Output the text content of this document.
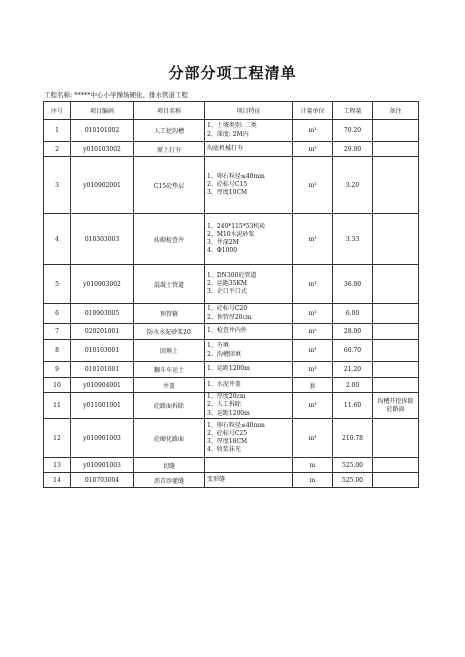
分部分项工程清单
工程名称: *****中心小学操场硬化、排水管道工程
序号	项目编码	项目名称	项目特征	计量单位	工程量	备注
1	010101002	人工挖沟槽	1、土壤类别: 二类
2、深度: 2M内	m³	70.20	
2	y010103002	原土打夯	沟底机械打夯	m²	29.00	
3	y010902001	C15砼垫层	1、卵石粒径≤40mm
2、砼标号C15
3、厚度10CM	m³	3.20	
4	010303003	砖砌检查井	1、240*115*53机砖
2、M10水泥砂浆
3、井深2M
4、Φ1000	m³	3.33	
5	y010903002	混凝土管道	1、DN300砼管道
2、运距35KM
3、企口平口式	m³	36.00	
6	010903005	预管箍	1、砼标号C20
2、预管厚20cm	m³	6.00	
7	020201001	防水水泥砂浆20	1、检查井内外	m²	28.00	
8	010103001	回填土	1、夯填
2、沟槽回填	m³	60.70	
9	010101001	翻斗车运土	1、运距1200m	m³	21.20	
10	y010904001	井盖	1、水泥井盖	套	2.00	
11	y011001001	砼路面拆除	1、厚度20cm
2、人工拆除
3、运距1200m	m³	11.60	沟槽开挖拆除砼路面
12	y010901003	砼硬化路面	1、卵石粒径≤40mm
2、砼标号C25
3、厚度18CM
4、收浆抹光	m³	210.78	
13	y010901003	切缝		m	525.00	
14	010703004	沥青沙灌缝	变形缝	m	525.00	
